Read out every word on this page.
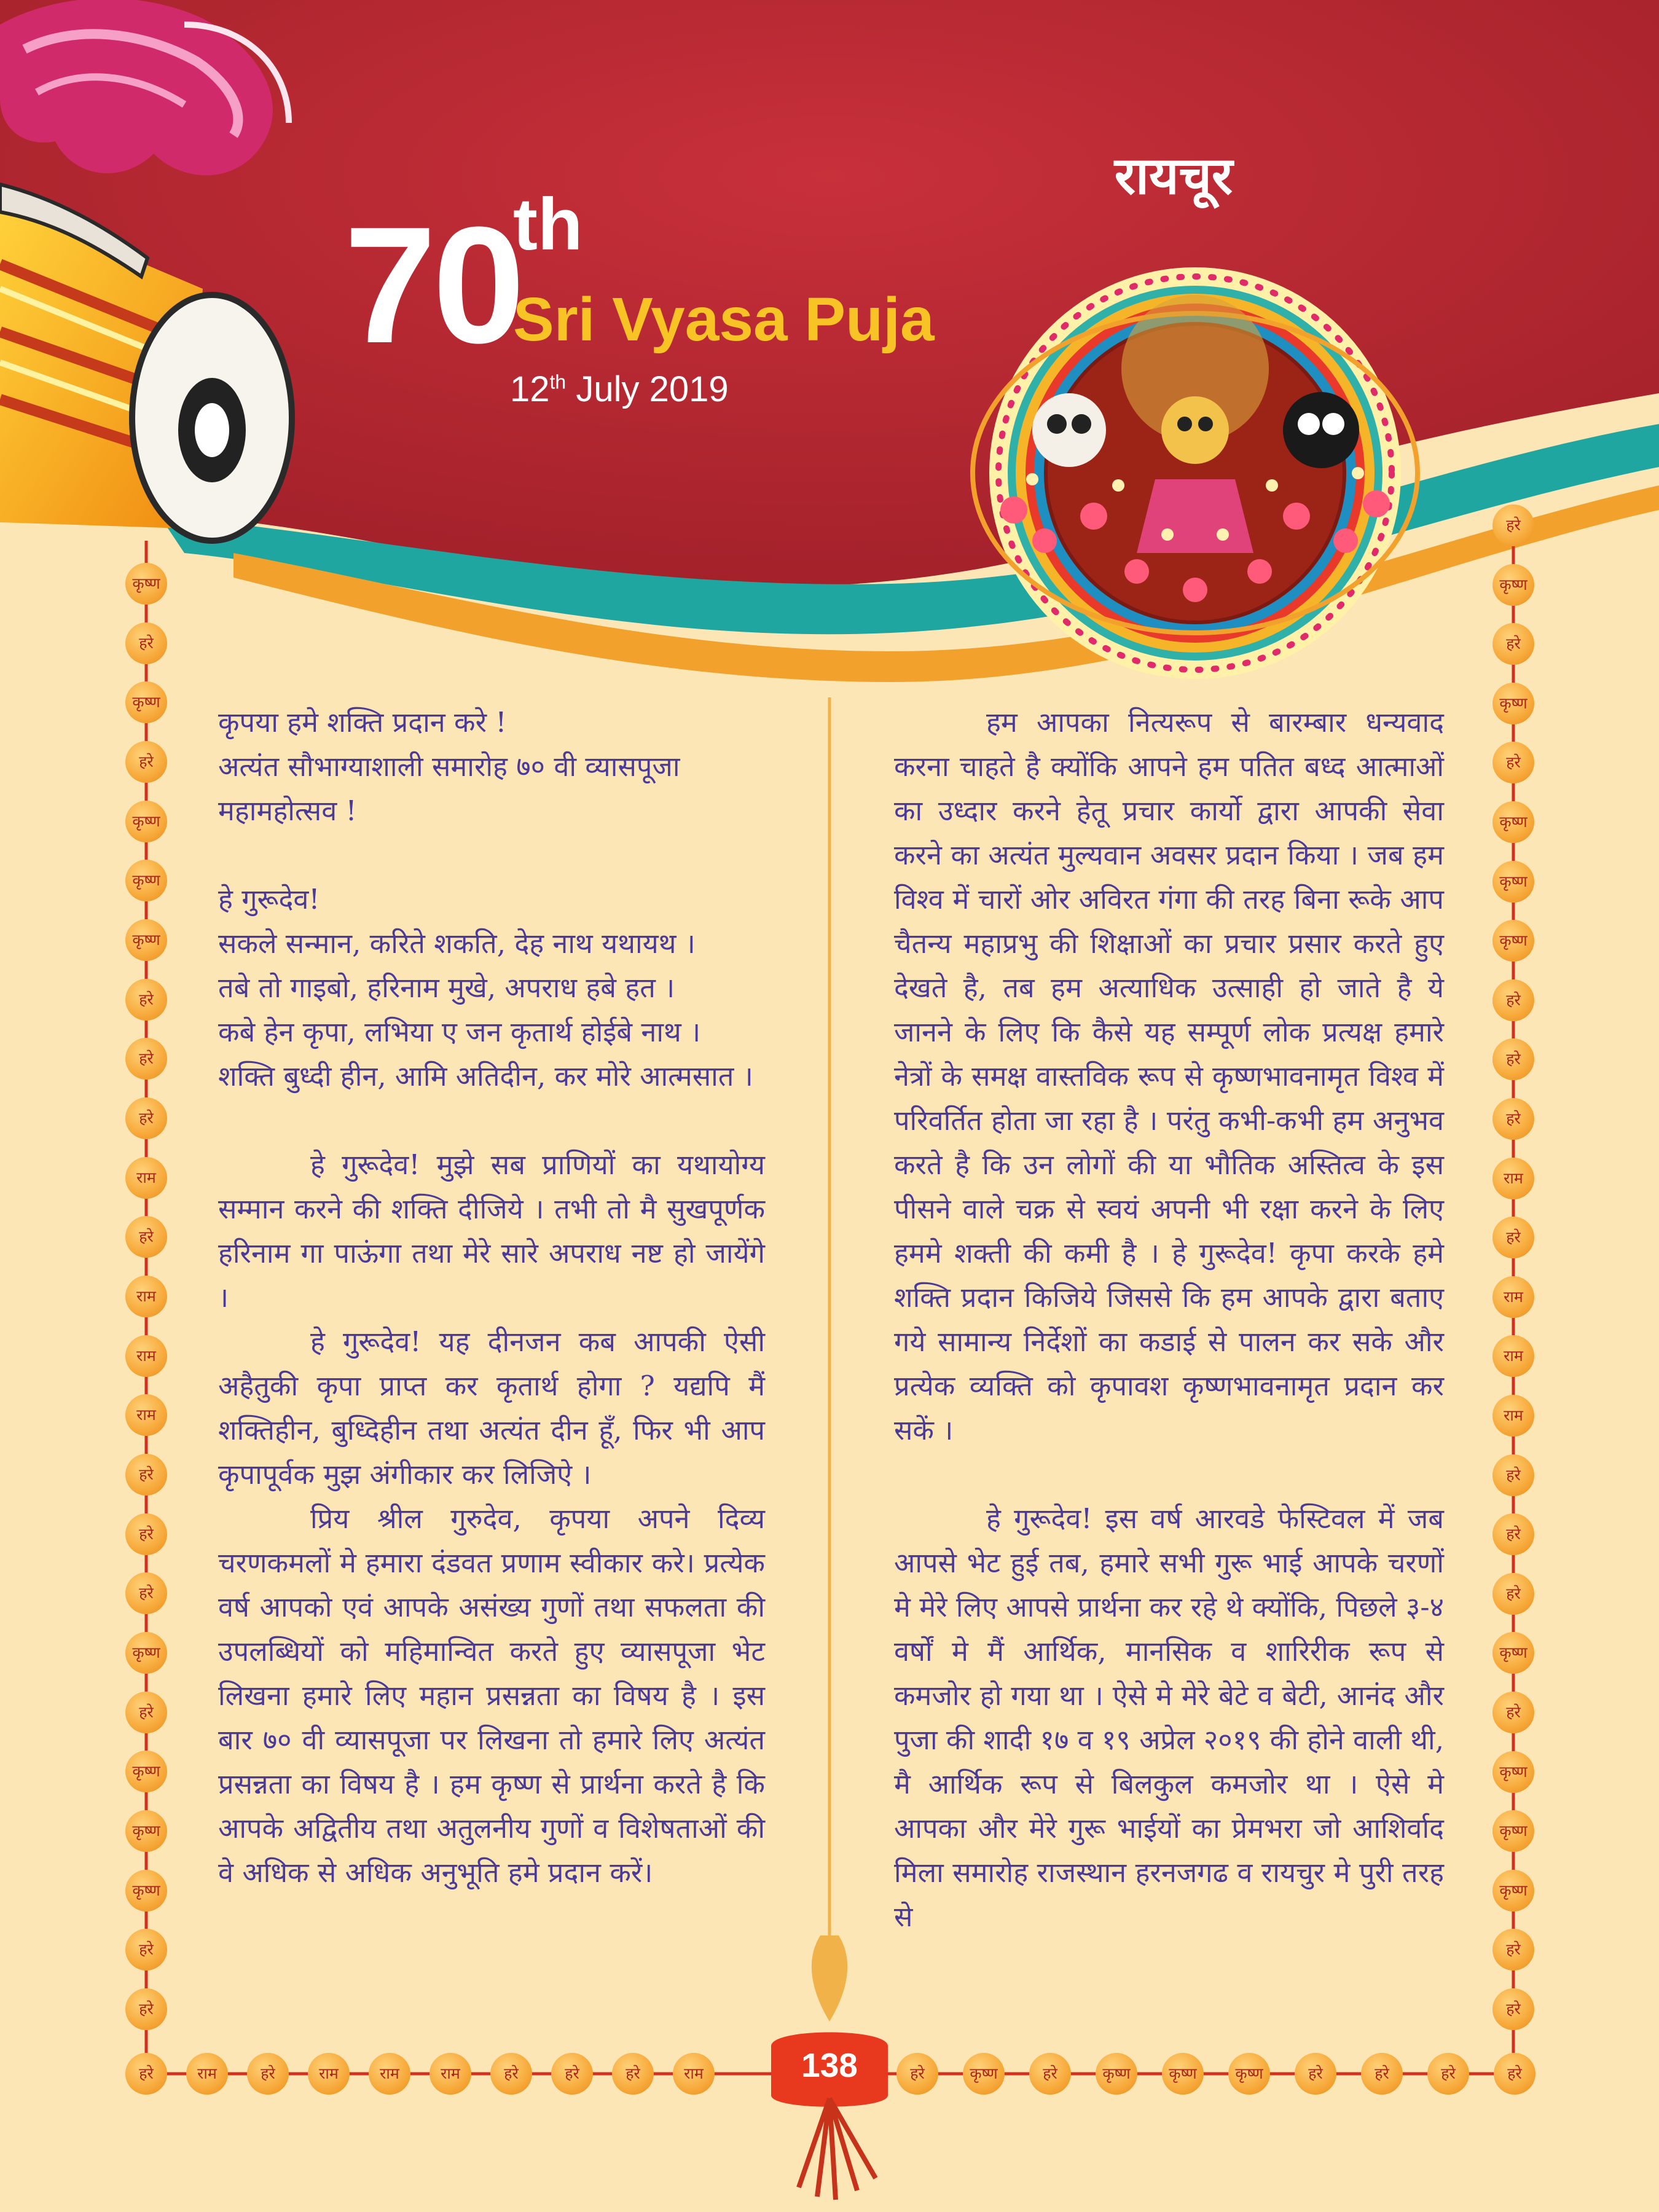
70
th
Sri Vyasa Puja
12th July 2019
रायचूर

कृपया हमे शक्ति प्रदान करे !

अत्यंत सौभाग्याशाली समारोह ७० वी व्यासपूजा महामहोत्सव !

हे गुरूदेव!

सकले सन्मान, करिते शकति, देह नाथ यथायथ ।

तबे तो गाइबो, हरिनाम मुखे, अपराध हबे हत ।

कबे हेन कृपा, लभिया ए जन कृतार्थ होईबे नाथ ।

शक्ति बुध्दी हीन, आमि अतिदीन, कर मोरे आत्मसात ।

हे गुरूदेव! मुझे सब प्राणियों का यथायोग्य सम्मान करने की शक्ति दीजिये । तभी तो मै सुखपूर्णक हरिनाम गा पाऊंगा तथा मेरे सारे अपराध नष्ट हो जायेंगे ।

हे गुरूदेव! यह दीनजन कब आपकी ऐसी अहैतुकी कृपा प्राप्त कर कृतार्थ होगा ? यद्यपि मैं शक्तिहीन, बुध्दिहीन तथा अत्यंत दीन हूँ, फिर भी आप कृपापूर्वक मुझ अंगीकार कर लिजिऐ ।

प्रिय श्रील गुरुदेव, कृपया अपने दिव्य चरणकमलों मे हमारा दंडवत प्रणाम स्वीकार करे। प्रत्येक वर्ष आपको एवं आपके असंख्य गुणों तथा सफलता की उपलब्धियों को महिमान्वित करते हुए व्यासपूजा भेट लिखना हमारे लिए महान प्रसन्नता का विषय है । इस बार ७० वी व्यासपूजा पर लिखना तो हमारे लिए अत्यंत प्रसन्नता का विषय है । हम कृष्ण से प्रार्थना करते है कि आपके अद्वितीय तथा अतुलनीय गुणों व विशेषताओं की वे अधिक से अधिक अनुभूति हमे प्रदान करें।

हम आपका नित्यरूप से बारम्बार धन्यवाद करना चाहते है क्योंकि आपने हम पतित बध्द आत्माओं का उध्दार करने हेतू प्रचार कार्यो द्वारा आपकी सेवा करने का अत्यंत मुल्यवान अवसर प्रदान किया । जब हम विश्व में चारों ओर अविरत गंगा की तरह बिना रूके आप चैतन्य महाप्रभु की शिक्षाओं का प्रचार प्रसार करते हुए देखते है, तब हम अत्याधिक उत्साही हो जाते है ये जानने के लिए कि कैसे यह सम्पूर्ण लोक प्रत्यक्ष हमारे नेत्रों के समक्ष वास्तविक रूप से कृष्णभावनामृत विश्व में परिवर्तित होता जा रहा है । परंतु कभी-कभी हम अनुभव करते है कि उन लोगों की या भौतिक अस्तित्व के इस पीसने वाले चक्र से स्वयं अपनी भी रक्षा करने के लिए हममे शक्ती की कमी है । हे गुरूदेव! कृपा करके हमे शक्ति प्रदान किजिये जिससे कि हम आपके द्वारा बताए गये सामान्य निर्देशों का कडाई से पालन कर सके और प्रत्येक व्यक्ति को कृपावश कृष्णभावनामृत प्रदान कर सकें ।

हे गुरूदेव! इस वर्ष आरवडे फेस्टिवल में जब आपसे भेट हुई तब, हमारे सभी गुरू भाई आपके चरणों मे मेरे लिए आपसे प्रार्थना कर रहे थे क्योंकि, पिछले ३-४ वर्षों मे मैं आर्थिक, मानसिक व शारिरीक रूप से कमजोर हो गया था । ऐसे मे मेरे बेटे व बेटी, आनंद और पुजा की शादी १७ व १९ अप्रेल २०१९ की होने वाली थी, मै आर्थिक रूप से बिलकुल कमजोर था । ऐसे मे आपका और मेरे गुरू भाईयों का प्रेमभरा जो आशिर्वाद मिला समारोह राजस्थान हरनजगढ व रायचुर मे पुरी तरह से

138
कृष्ण
हरे
कृष्ण
हरे
कृष्ण
कृष्ण
कृष्ण
हरे
हरे
हरे
राम
हरे
राम
राम
राम
हरे
हरे
हरे
कृष्ण
हरे
कृष्ण
कृष्ण
कृष्ण
हरे
हरे
हरे
कृष्ण
हरे
कृष्ण
हरे
कृष्ण
कृष्ण
कृष्ण
हरे
हरे
हरे
राम
हरे
राम
राम
राम
हरे
हरे
हरे
कृष्ण
हरे
कृष्ण
कृष्ण
कृष्ण
हरे
हरे
हरे	राम	हरे	राम	राम	राम	हरे	हरे	हरे	राम	हरे	कृष्ण	हरे	कृष्ण	कृष्ण	कृष्ण	हरे	हरे	हरे	हरे
